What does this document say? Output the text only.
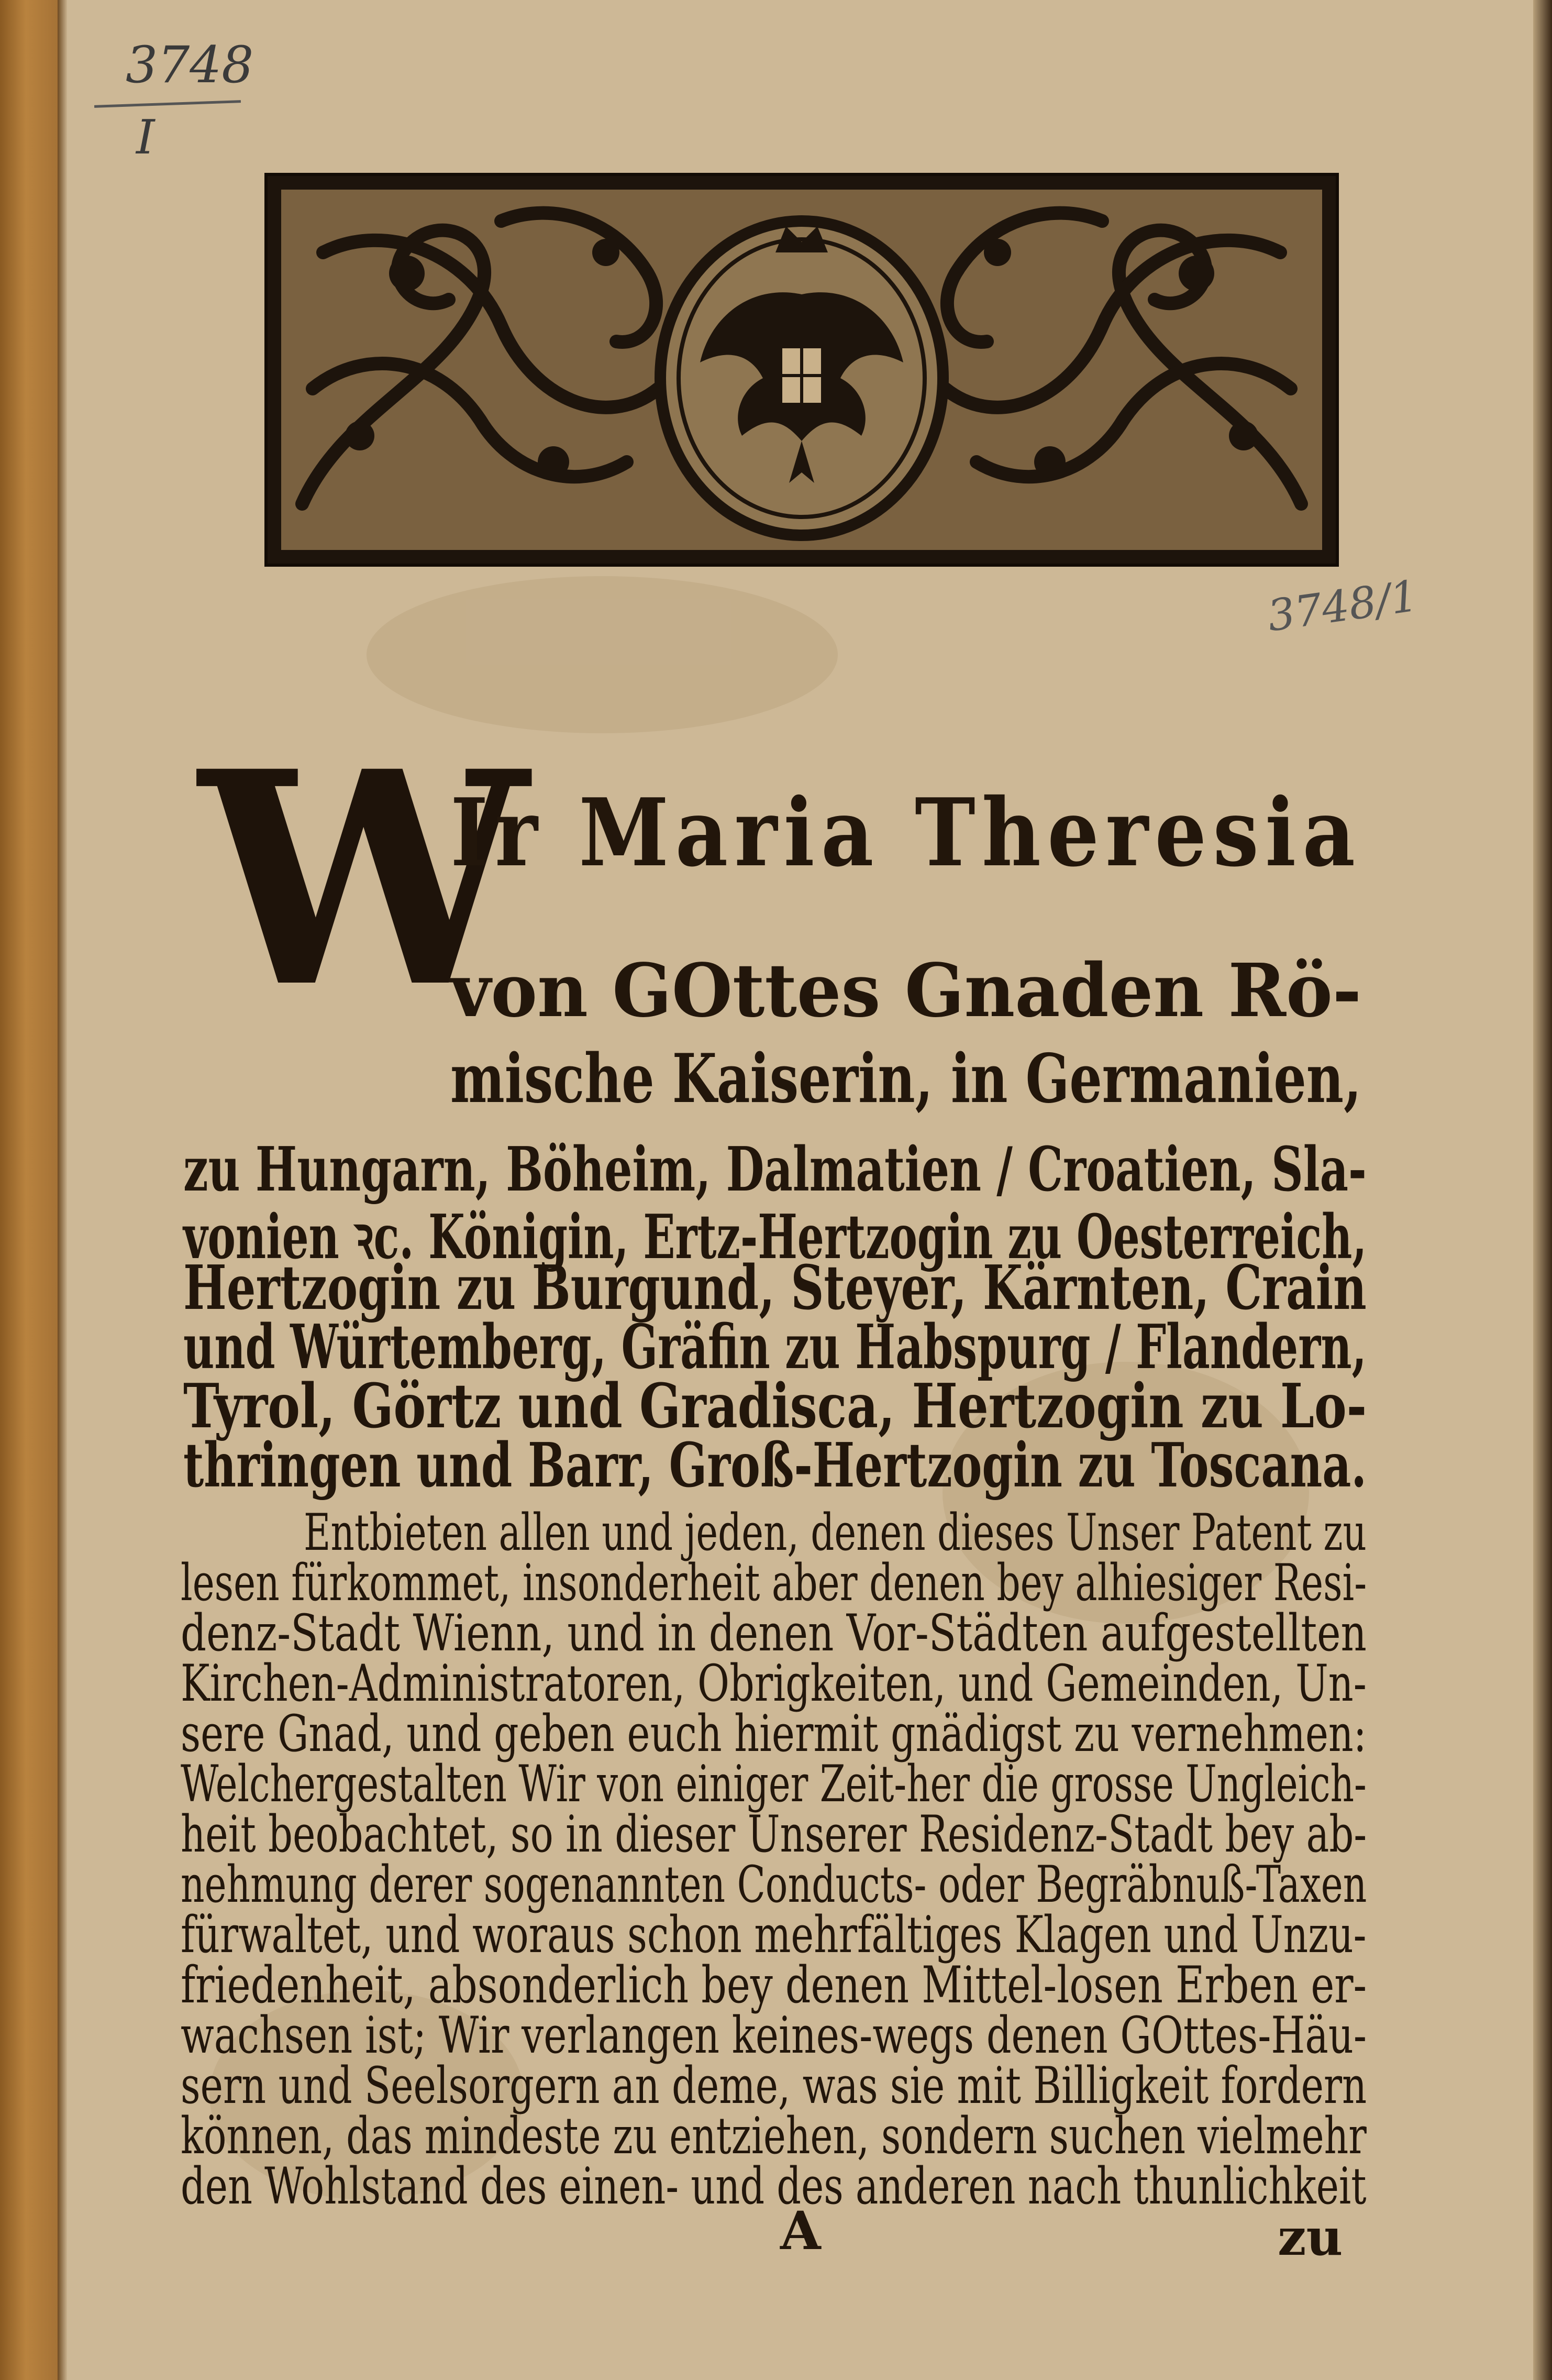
3748
I
3748/1
W
Ir Maria Theresia
von GOttes Gnaden Rö-
mische Kaiserin, in Germanien,
zu Hungarn, Böheim, Dalmatien / Croatien, Sla-
vonien ꝛc. Königin, Ertz-Hertzogin zu Oesterreich,
Hertzogin zu Burgund, Steyer, Kärnten, Crain
und Würtemberg, Gräfin zu Habspurg / Flandern,
Tyrol, Görtz und Gradisca, Hertzogin zu Lo-
thringen und Barr, Groß-Hertzogin zu Toscana.
Entbieten allen und jeden, denen dieses Unser Patent zu
lesen fürkommet, insonderheit aber denen bey alhiesiger Resi-
denz-Stadt Wienn, und in denen Vor-Städten aufgestellten
Kirchen-Administratoren, Obrigkeiten, und Gemeinden, Un-
sere Gnad, und geben euch hiermit gnädigst zu vernehmen:
Welchergestalten Wir von einiger Zeit-her die grosse Ungleich-
heit beobachtet, so in dieser Unserer Residenz-Stadt bey ab-
nehmung derer sogenannten Conducts- oder Begräbnuß-Taxen
fürwaltet, und woraus schon mehrfältiges Klagen und Unzu-
friedenheit, absonderlich bey denen Mittel-losen Erben er-
wachsen ist; Wir verlangen keines-wegs denen GOttes-Häu-
sern und Seelsorgern an deme, was sie mit Billigkeit fordern
können, das mindeste zu entziehen, sondern suchen vielmehr
den Wohlstand des einen- und des anderen nach thunlichkeit
A	zu
